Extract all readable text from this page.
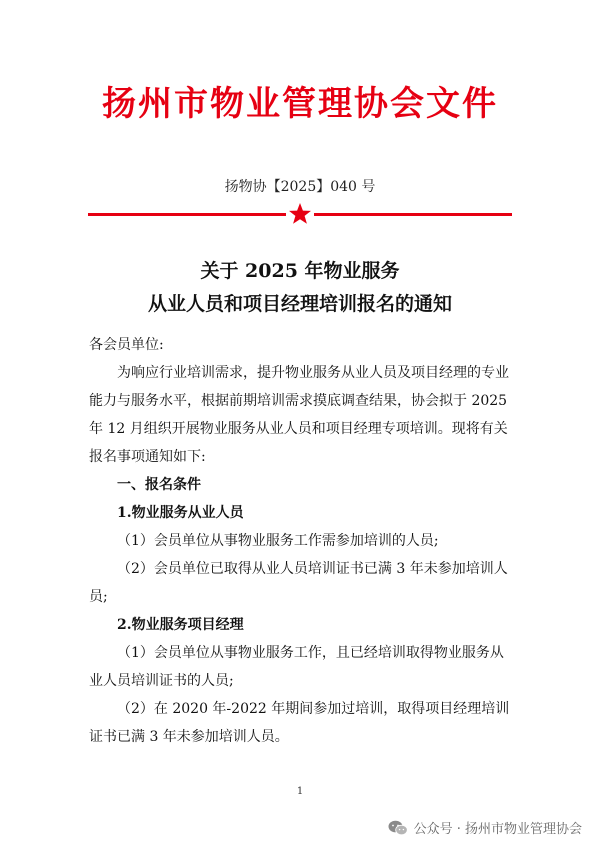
扬州市物业管理协会文件
扬物协【2025】040 号
关于 2025 年物业服务
从业人员和项目经理培训报名的通知

各会员单位:

为响应行业培训需求，提升物业服务从业人员及项目经理的专业能力与服务水平，根据前期培训需求摸底调查结果，协会拟于 2025 年 12 月组织开展物业服务从业人员和项目经理专项培训。现将有关报名事项通知如下:

一、报名条件

1.物业服务从业人员

（1）会员单位从事物业服务工作需参加培训的人员;

（2）会员单位已取得从业人员培训证书已满 3 年未参加培训人员;

2.物业服务项目经理

（1）会员单位从事物业服务工作，且已经培训取得物业服务从业人员培训证书的人员;

（2）在 2020 年-2022 年期间参加过培训，取得项目经理培训证书已满 3 年未参加培训人员。

1
公众号 · 扬州市物业管理协会
